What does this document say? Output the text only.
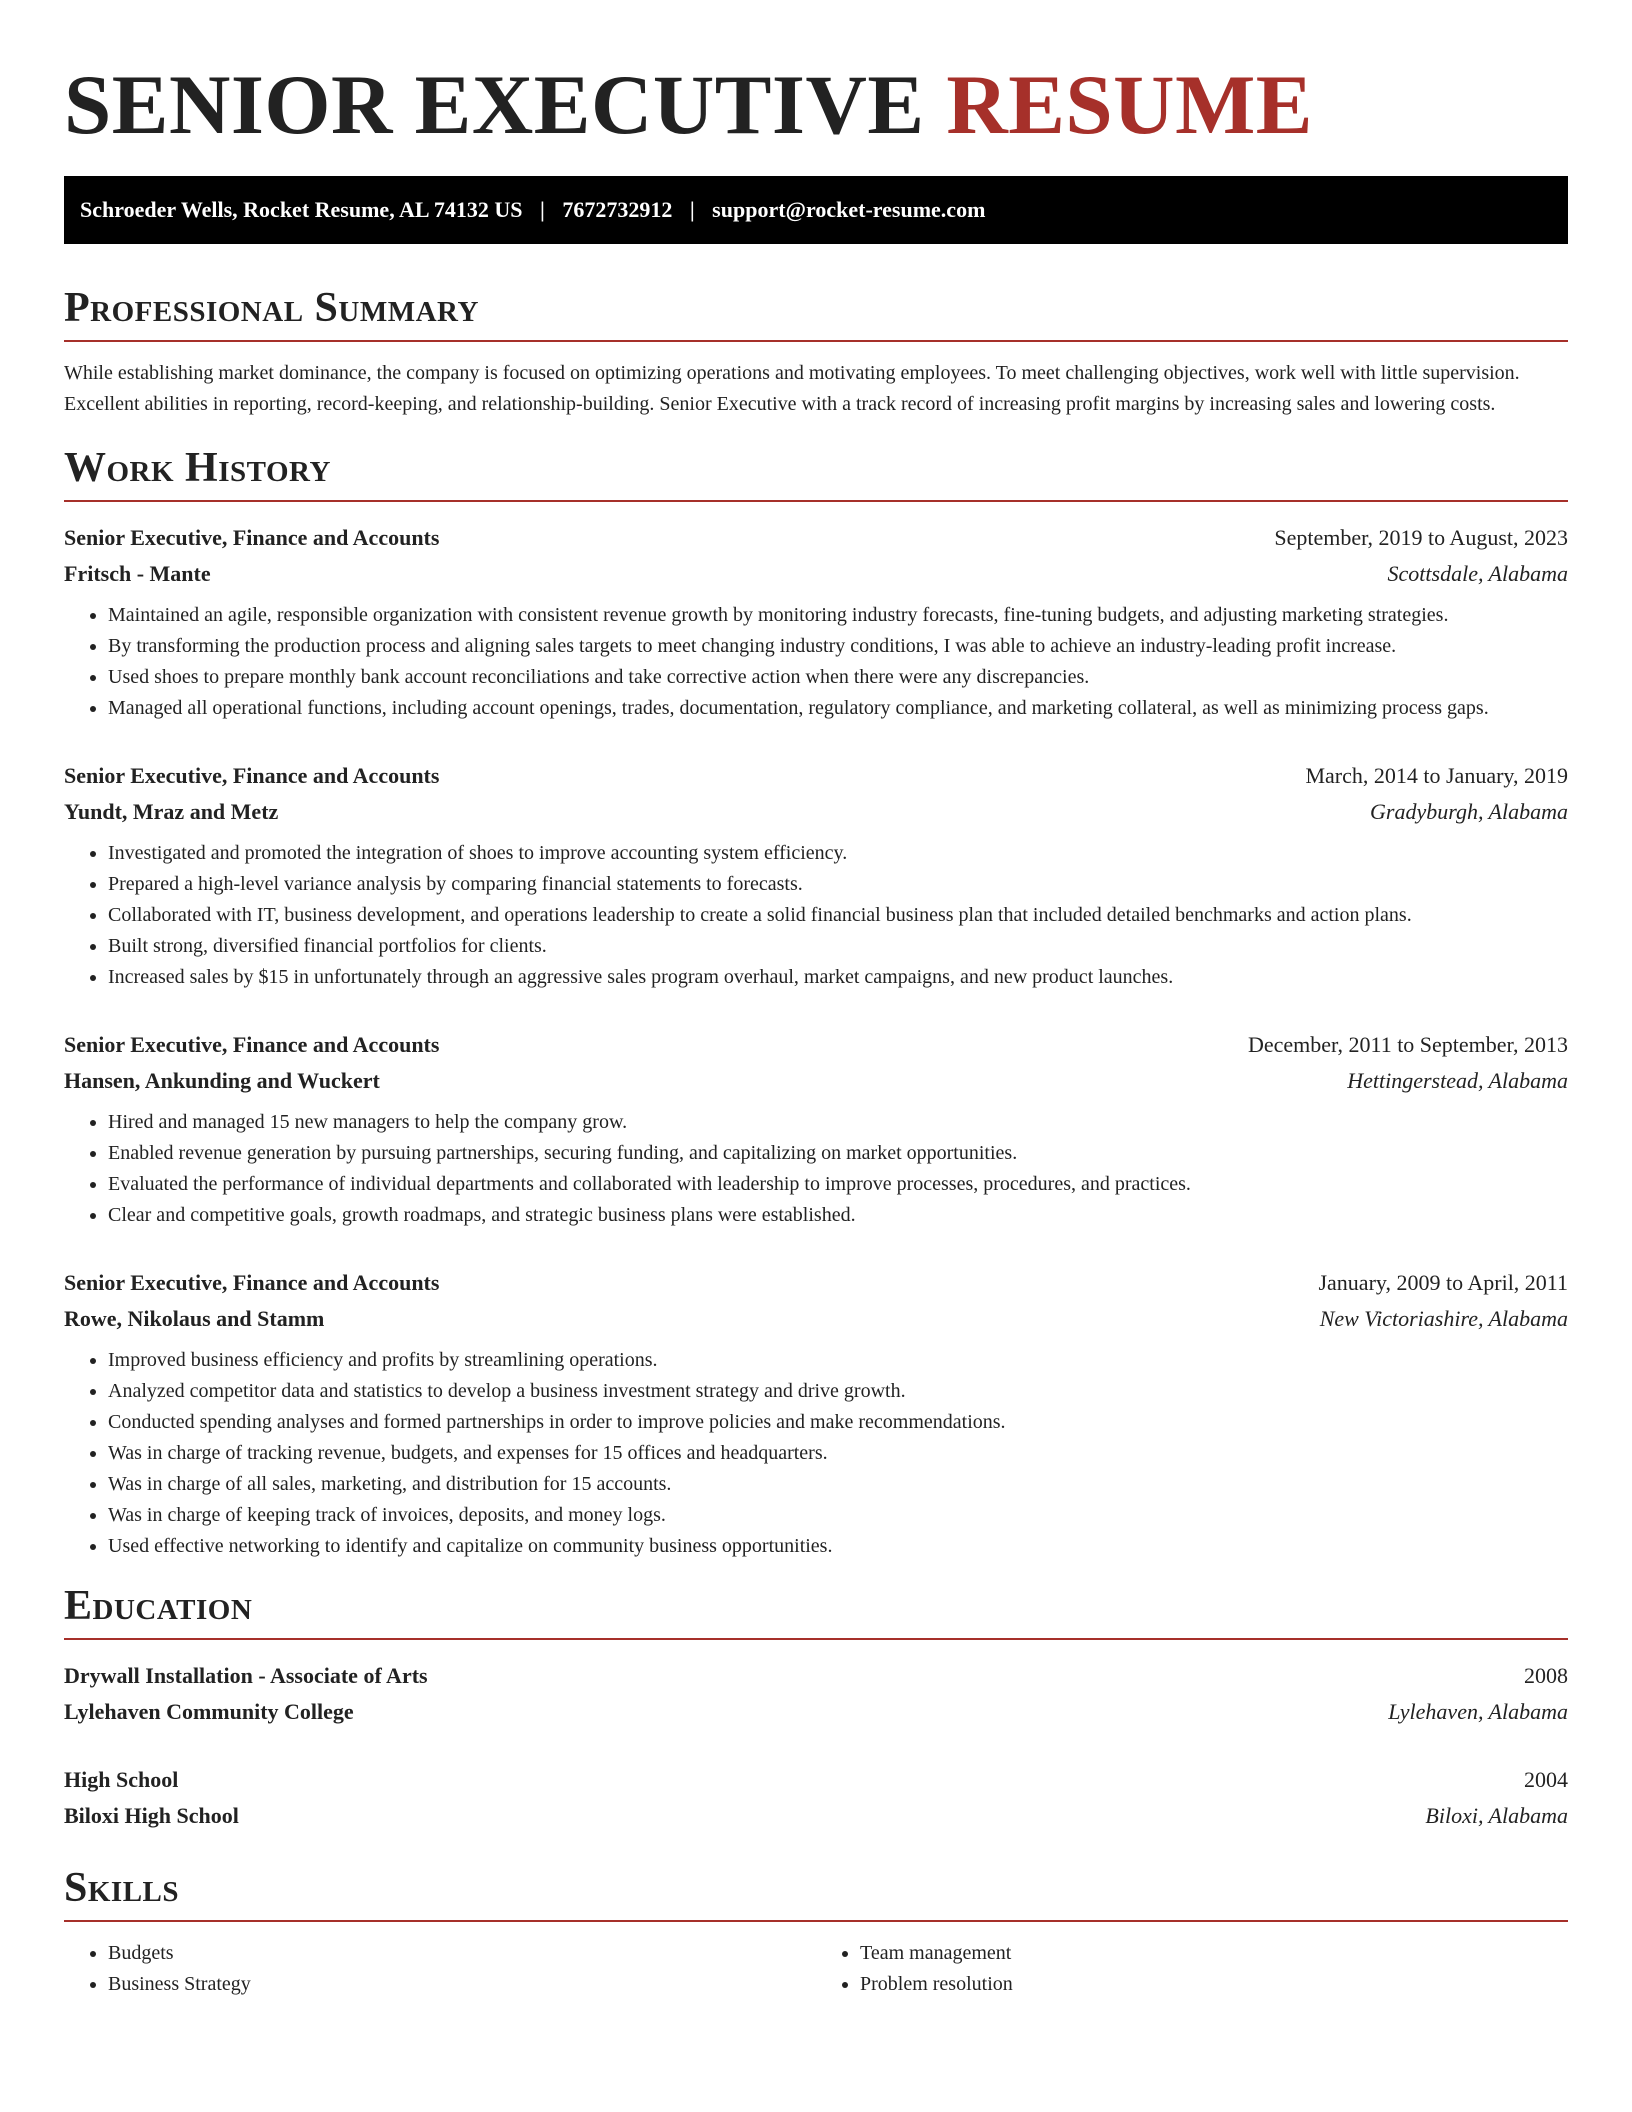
SENIOR EXECUTIVE RESUME
Schroeder Wells, Rocket Resume, AL 74132 US | 7672732912 | support@rocket-resume.com
Professional Summary

While establishing market dominance, the company is focused on optimizing operations and motivating employees. To meet challenging objectives, work well with little supervision. Excellent abilities in reporting, record-keeping, and relationship-building. Senior Executive with a track record of increasing profit margins by increasing sales and lowering costs.

Work History
Senior Executive, Finance and Accounts	September, 2019 to August, 2023
Fritsch - Mante	Scottsdale, Alabama
• Maintained an agile, responsible organization with consistent revenue growth by monitoring industry forecasts, fine-tuning budgets, and adjusting marketing strategies.
• By transforming the production process and aligning sales targets to meet changing industry conditions, I was able to achieve an industry-leading profit increase.
• Used shoes to prepare monthly bank account reconciliations and take corrective action when there were any discrepancies.
• Managed all operational functions, including account openings, trades, documentation, regulatory compliance, and marketing collateral, as well as minimizing process gaps.
Senior Executive, Finance and Accounts	March, 2014 to January, 2019
Yundt, Mraz and Metz	Gradyburgh, Alabama
• Investigated and promoted the integration of shoes to improve accounting system efficiency.
• Prepared a high-level variance analysis by comparing financial statements to forecasts.
• Collaborated with IT, business development, and operations leadership to create a solid financial business plan that included detailed benchmarks and action plans.
• Built strong, diversified financial portfolios for clients.
• Increased sales by $15 in unfortunately through an aggressive sales program overhaul, market campaigns, and new product launches.
Senior Executive, Finance and Accounts	December, 2011 to September, 2013
Hansen, Ankunding and Wuckert	Hettingerstead, Alabama
• Hired and managed 15 new managers to help the company grow.
• Enabled revenue generation by pursuing partnerships, securing funding, and capitalizing on market opportunities.
• Evaluated the performance of individual departments and collaborated with leadership to improve processes, procedures, and practices.
• Clear and competitive goals, growth roadmaps, and strategic business plans were established.
Senior Executive, Finance and Accounts	January, 2009 to April, 2011
Rowe, Nikolaus and Stamm	New Victoriashire, Alabama
• Improved business efficiency and profits by streamlining operations.
• Analyzed competitor data and statistics to develop a business investment strategy and drive growth.
• Conducted spending analyses and formed partnerships in order to improve policies and make recommendations.
• Was in charge of tracking revenue, budgets, and expenses for 15 offices and headquarters.
• Was in charge of all sales, marketing, and distribution for 15 accounts.
• Was in charge of keeping track of invoices, deposits, and money logs.
• Used effective networking to identify and capitalize on community business opportunities.
Education
Drywall Installation - Associate of Arts	2008
Lylehaven Community College	Lylehaven, Alabama
High School	2004
Biloxi High School	Biloxi, Alabama
Skills
• Budgets
• Business Strategy
• Team management
• Problem resolution
